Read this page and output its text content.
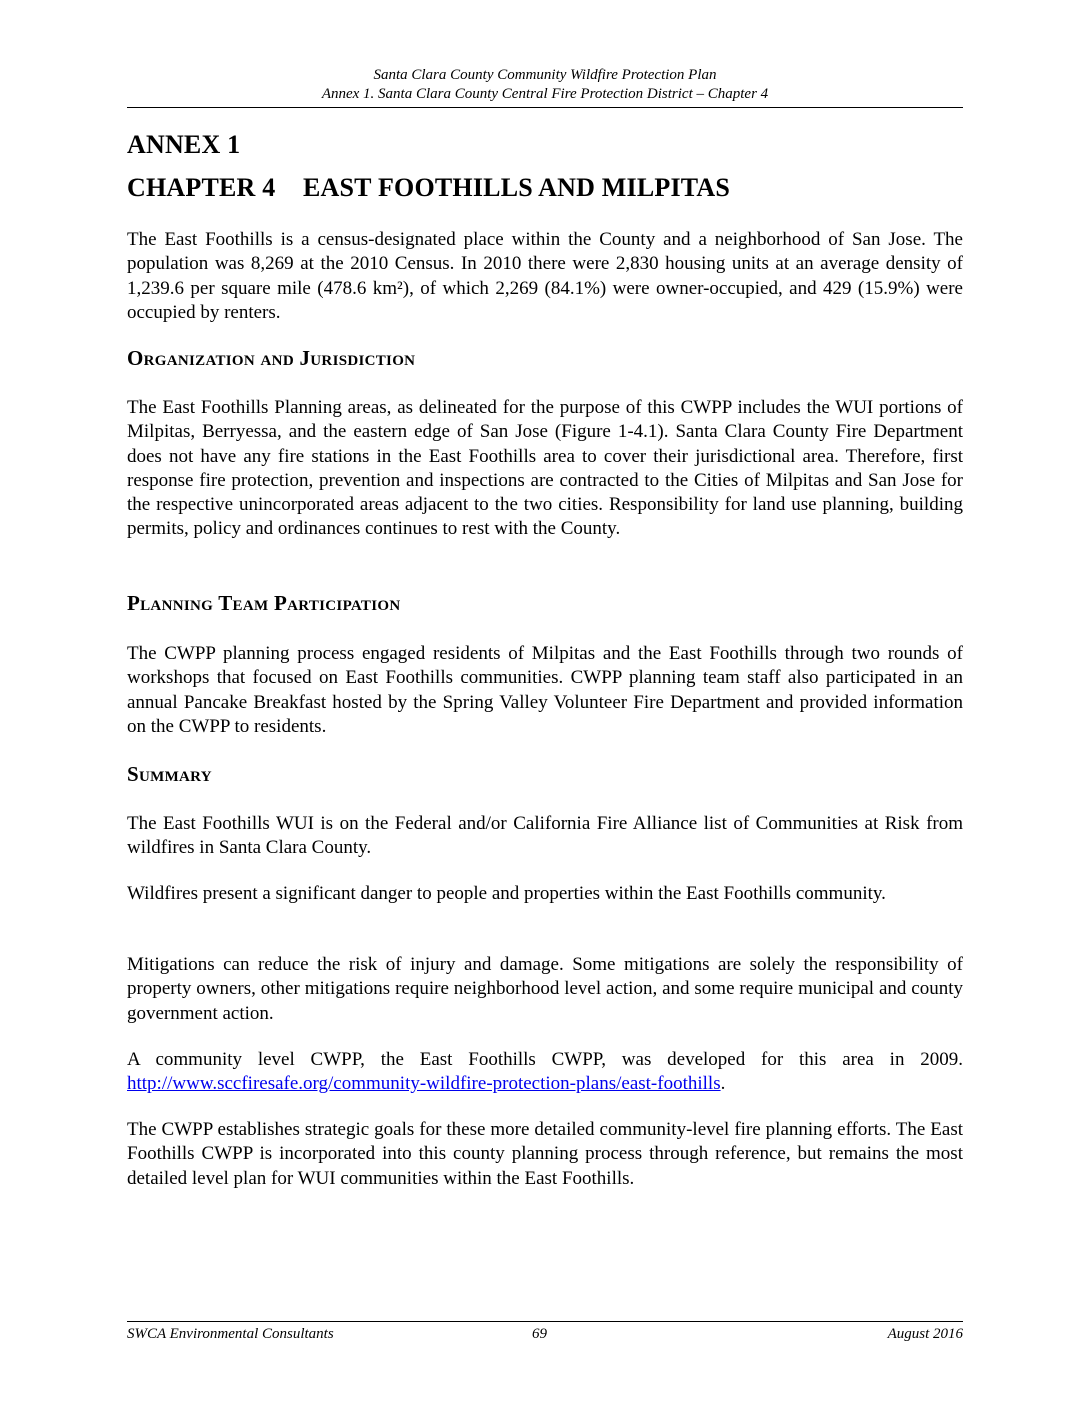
Santa Clara County Community Wildfire Protection Plan
Annex 1. Santa Clara County Central Fire Protection District – Chapter 4
ANNEX 1
CHAPTER 4 EAST FOOTHILLS AND MILPITAS

The East Foothills is a census-designated place within the County and a neighborhood of San Jose. The population was 8,269 at the 2010 Census. In 2010 there were 2,830 housing units at an average density of 1,239.6 per square mile (478.6 km²), of which 2,269 (84.1%) were owner-occupied, and 429 (15.9%) were occupied by renters.

Organization and Jurisdiction

The East Foothills Planning areas, as delineated for the purpose of this CWPP includes the WUI portions of Milpitas, Berryessa, and the eastern edge of San Jose (Figure 1-4.1). Santa Clara County Fire Department does not have any fire stations in the East Foothills area to cover their jurisdictional area. Therefore, first response fire protection, prevention and inspections are contracted to the Cities of Milpitas and San Jose for the respective unincorporated areas adjacent to the two cities. Responsibility for land use planning, building permits, policy and ordinances continues to rest with the County.

Planning Team Participation

The CWPP planning process engaged residents of Milpitas and the East Foothills through two rounds of workshops that focused on East Foothills communities. CWPP planning team staff also participated in an annual Pancake Breakfast hosted by the Spring Valley Volunteer Fire Department and provided information on the CWPP to residents.

Summary

The East Foothills WUI is on the Federal and/or California Fire Alliance list of Communities at Risk from wildfires in Santa Clara County.

Wildfires present a significant danger to people and properties within the East Foothills community.

Mitigations can reduce the risk of injury and damage. Some mitigations are solely the responsibility of property owners, other mitigations require neighborhood level action, and some require municipal and county government action.

A community level CWPP, the East Foothills CWPP, was developed for this area in 2009. http://www.sccfiresafe.org/community-wildfire-protection-plans/east-foothills.

The CWPP establishes strategic goals for these more detailed community-level fire planning efforts. The East Foothills CWPP is incorporated into this county planning process through reference, but remains the most detailed level plan for WUI communities within the East Foothills.

SWCA Environmental Consultants	69	August 2016
